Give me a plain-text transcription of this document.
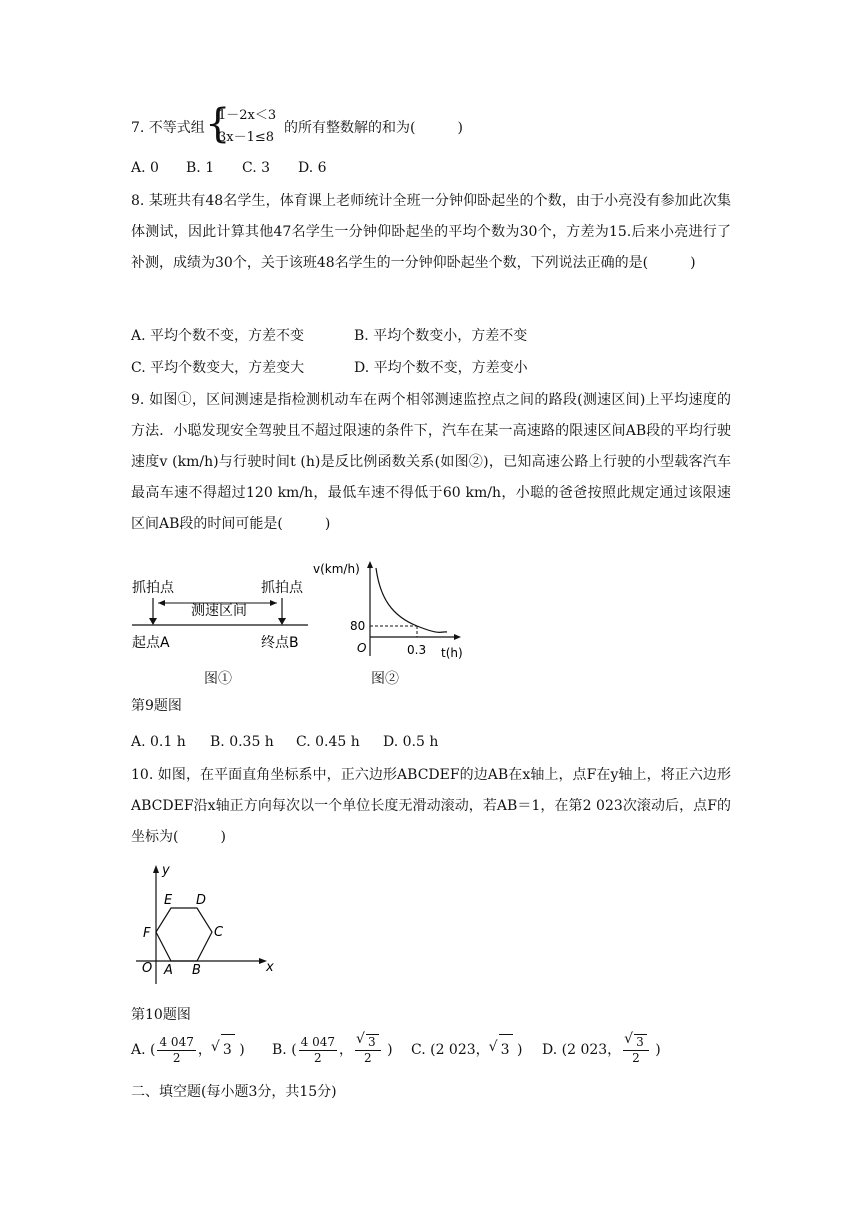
7. 不等式组 {
1－2x＜3
3x－1≤8
的所有整数解的和为(　　　)
A. 0 B. 1 C. 3 D. 6
8. 某班共有48名学生，体育课上老师统计全班一分钟仰卧起坐的个数，由于小亮没有参加此次集体测试，因此计算其他47名学生一分钟仰卧起坐的平均个数为30个，方差为15.后来小亮进行了补测，成绩为30个，关于该班48名学生的一分钟仰卧起坐个数，下列说法正确的是(　　　)
A. 平均个数不变，方差不变	B. 平均个数变小，方差不变
C. 平均个数变大，方差变大	D. 平均个数不变，方差变小
9. 如图①，区间测速是指检测机动车在两个相邻测速监控点之间的路段(测速区间)上平均速度的方法．小聪发现安全驾驶且不超过限速的条件下，汽车在某一高速路的限速区间AB段的平均行驶速度v (km/h)与行驶时间t (h)是反比例函数关系(如图②)，已知高速公路上行驶的小型载客汽车最高车速不得超过120 km/h，最低车速不得低于60 km/h，小聪的爸爸按照此规定通过该限速区间AB段的时间可能是(　　　)
抓拍点	抓拍点
测速区间
起点A	终点B
图①
v(km/h)
t(h)
O
80
0.3
图②
第9题图
A. 0.1 h B. 0.35 h C. 0.45 h D. 0.5 h
10. 如图，在平面直角坐标系中，正六边形ABCDEF的边AB在x轴上，点F在y轴上，将正六边形ABCDEF沿x轴正方向每次以一个单位长度无滑动滚动，若AB＝1，在第2 023次滚动后，点F的坐标为(　　　)
y
x
O A B
C
D
E
F
第10题图
A. ( $\frac{4 047}{2}$ ， √ 3 ) B. ( $\frac{4 047}{2}$ ， √ $\frac{3}{2}$ ) C. (2 023， √ 3 ) D. (2 023， √ $\frac{3}{2}$ )
二、填空题(每小题3分，共15分)
